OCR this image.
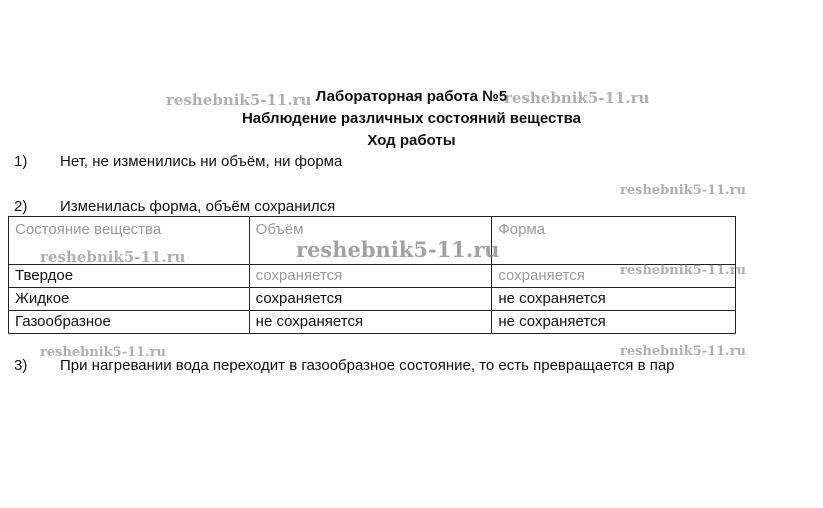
Лабораторная работа №5
Наблюдение различных состояний вещества
Ход работы
1) Нет, не изменились ни объём, ни форма
2) Изменилась форма, объём сохранился
Состояние вещества	Объём	Форма
Твердое	сохраняется	сохраняется
Жидкое	сохраняется	не сохраняется
Газообразное	не сохраняется	не сохраняется
3) При нагревании вода переходит в газообразное состояние, то есть превращается в пар
reshebnik5-11.ru	reshebnik5-11.ru
reshebnik5-11.ru
reshebnik5-11.ru	reshebnik5-11.ru
reshebnik5-11.ru
reshebnik5-11.ru	reshebnik5-11.ru
